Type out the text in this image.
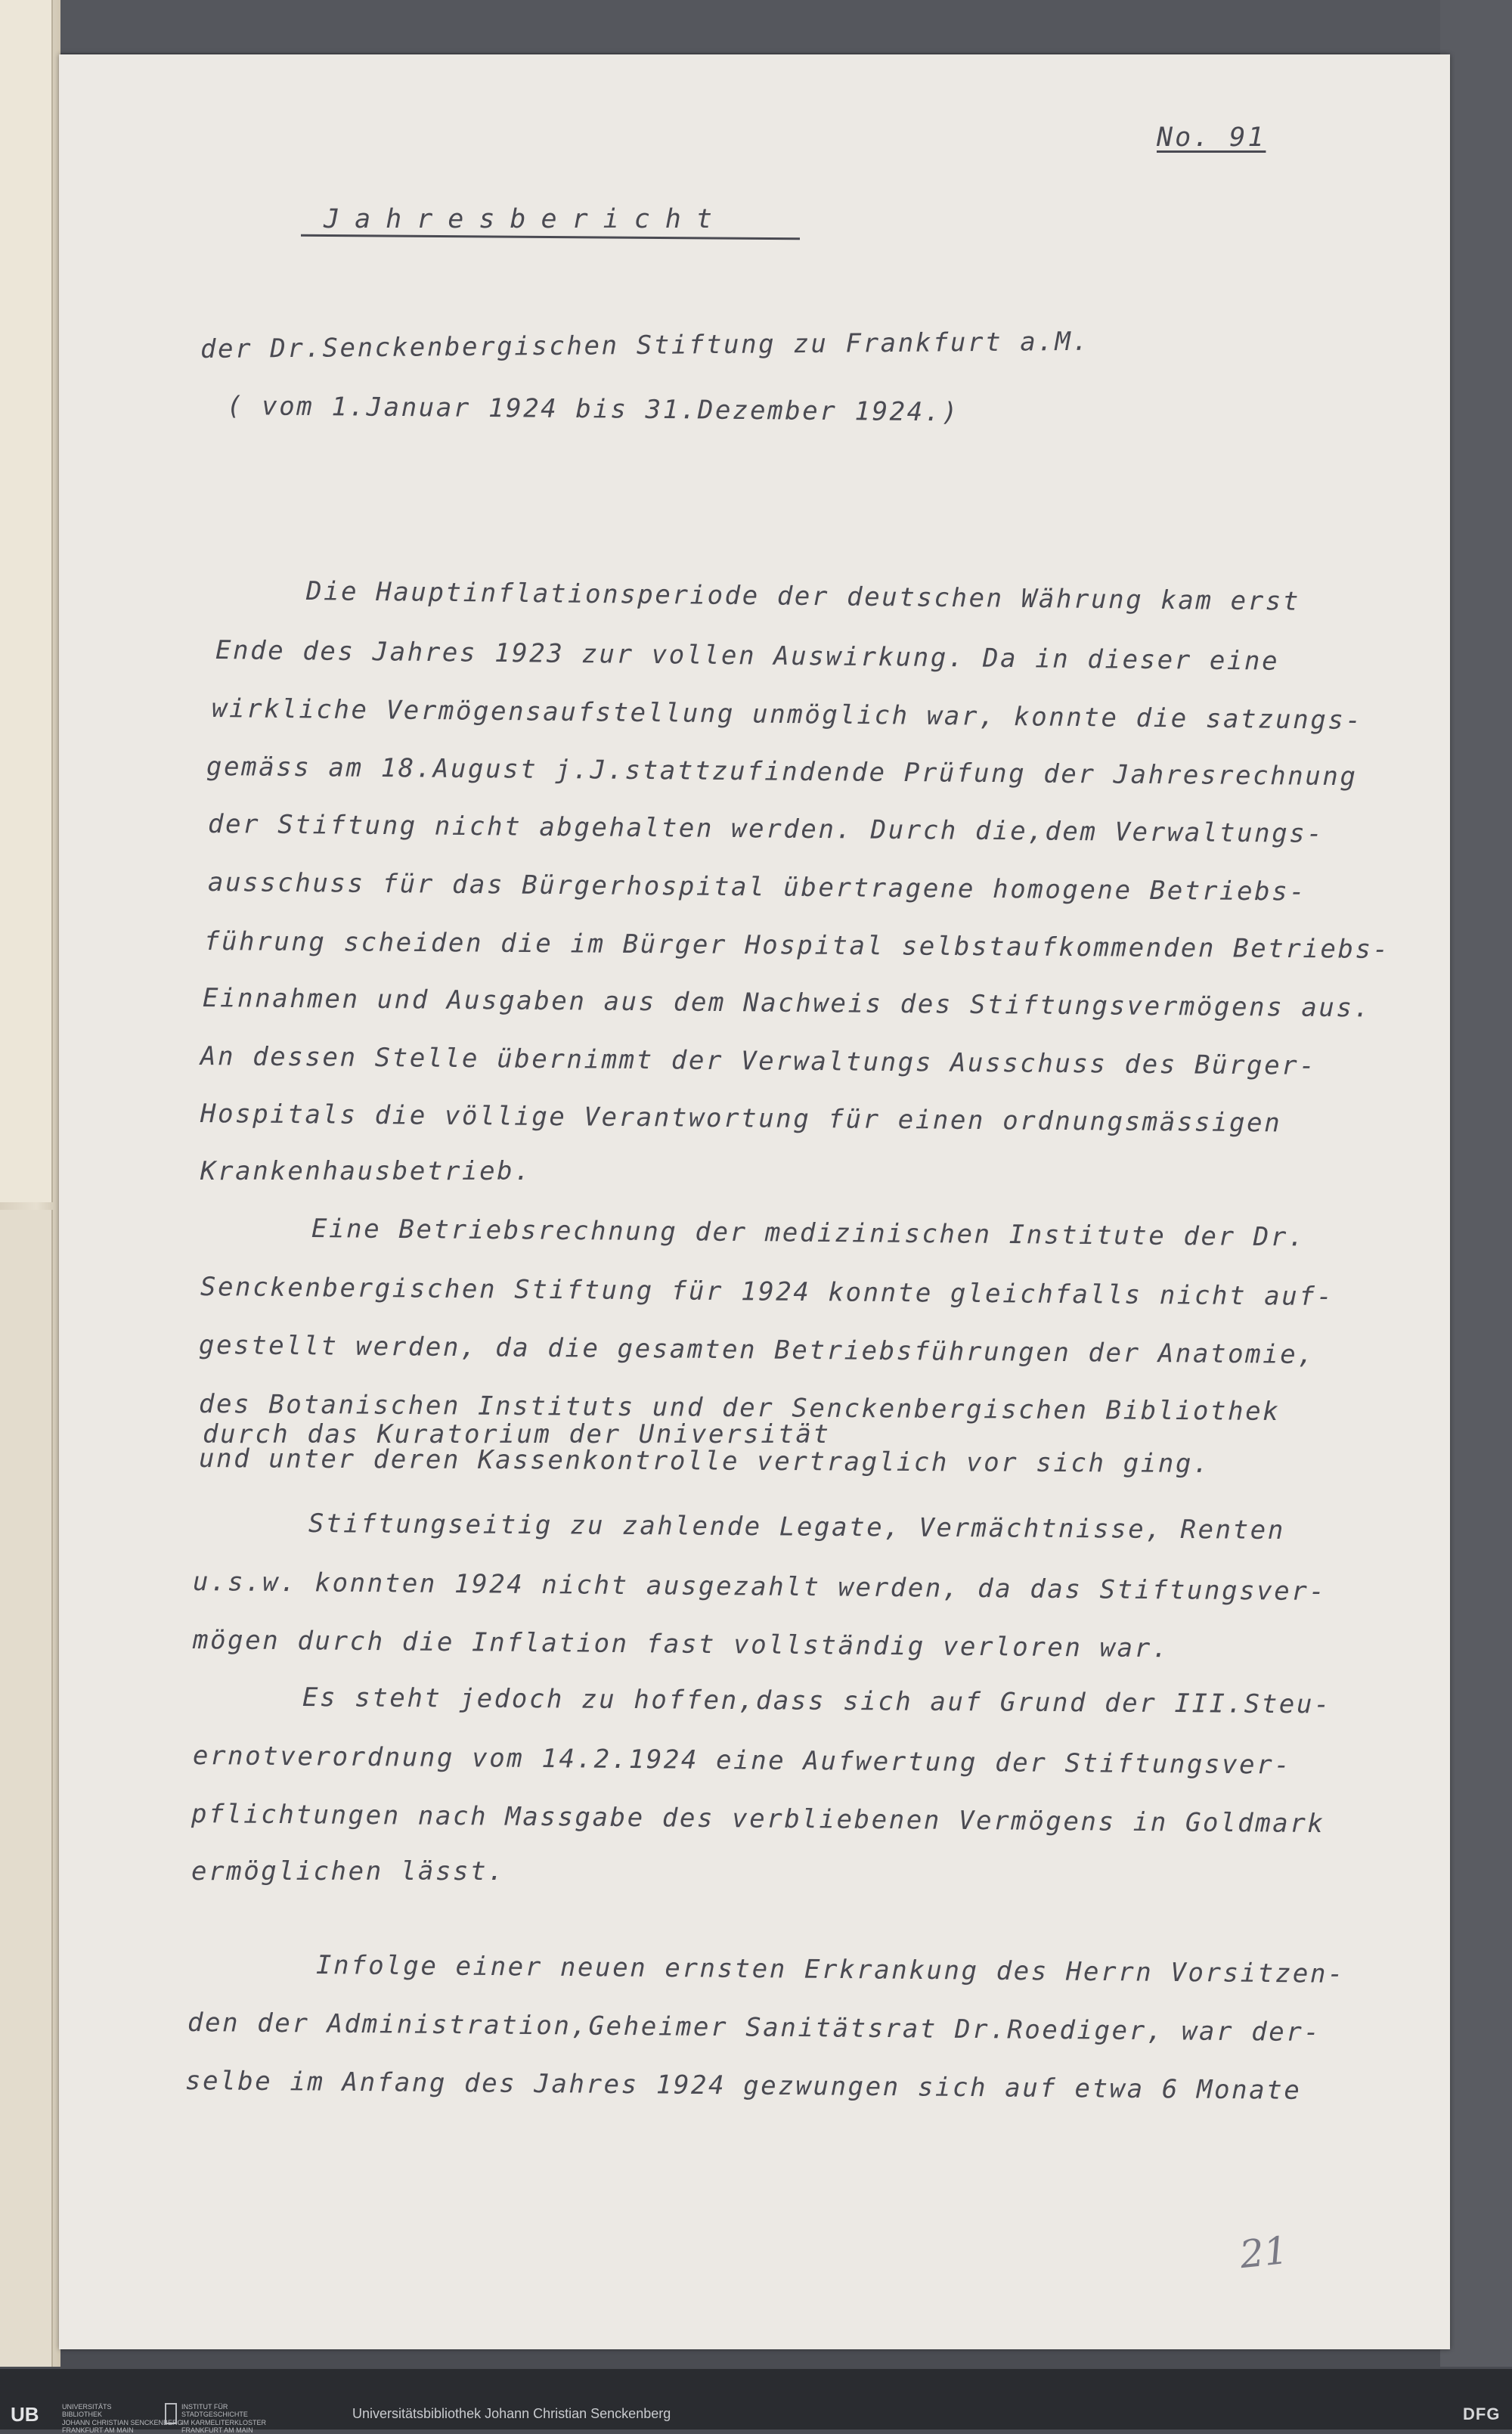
No. 91
Jahresbericht
der Dr.Senckenbergischen Stiftung zu Frankfurt a.M.
( vom 1.Januar 1924 bis 31.Dezember 1924.)
Die Hauptinflationsperiode der deutschen Währung kam erst
Ende des Jahres 1923 zur vollen Auswirkung. Da in dieser eine
wirkliche Vermögensaufstellung unmöglich war, konnte die satzungs-
gemäss am 18.August j.J.stattzufindende Prüfung der Jahresrechnung
der Stiftung nicht abgehalten werden. Durch die,dem Verwaltungs-
ausschuss für das Bürgerhospital übertragene homogene Betriebs-
führung scheiden die im Bürger Hospital selbstaufkommenden Betriebs-
Einnahmen und Ausgaben aus dem Nachweis des Stiftungsvermögens aus.
An dessen Stelle übernimmt der Verwaltungs Ausschuss des Bürger-
Hospitals die völlige Verantwortung für einen ordnungsmässigen
Krankenhausbetrieb.
Eine Betriebsrechnung der medizinischen Institute der Dr.
Senckenbergischen Stiftung für 1924 konnte gleichfalls nicht auf-
gestellt werden, da die gesamten Betriebsführungen der Anatomie,
des Botanischen Instituts und der Senckenbergischen Bibliothek
durch das Kuratorium der Universität
und unter deren Kassenkontrolle vertraglich vor sich ging.
Stiftungseitig zu zahlende Legate, Vermächtnisse, Renten
u.s.w. konnten 1924 nicht ausgezahlt werden, da das Stiftungsver-
mögen durch die Inflation fast vollständig verloren war.
Es steht jedoch zu hoffen,dass sich auf Grund der III.Steu-
ernotverordnung vom 14.2.1924 eine Aufwertung der Stiftungsver-
pflichtungen nach Massgabe des verbliebenen Vermögens in Goldmark
ermöglichen lässt.
Infolge einer neuen ernsten Erkrankung des Herrn Vorsitzen-
den der Administration,Geheimer Sanitätsrat Dr.Roediger, war der-
selbe im Anfang des Jahres 1924 gezwungen sich auf etwa 6 Monate
21
UB	UNIVERSITÄTS
BIBLIOTHEK
JOHANN CHRISTIAN SENCKENBERG
FRANKFURT AM MAIN
INSTITUT FÜR
STADTGESCHICHTE
IM KARMELITERKLOSTER
FRANKFURT AM MAIN
Universitätsbibliothek Johann Christian Senckenberg	DFG
